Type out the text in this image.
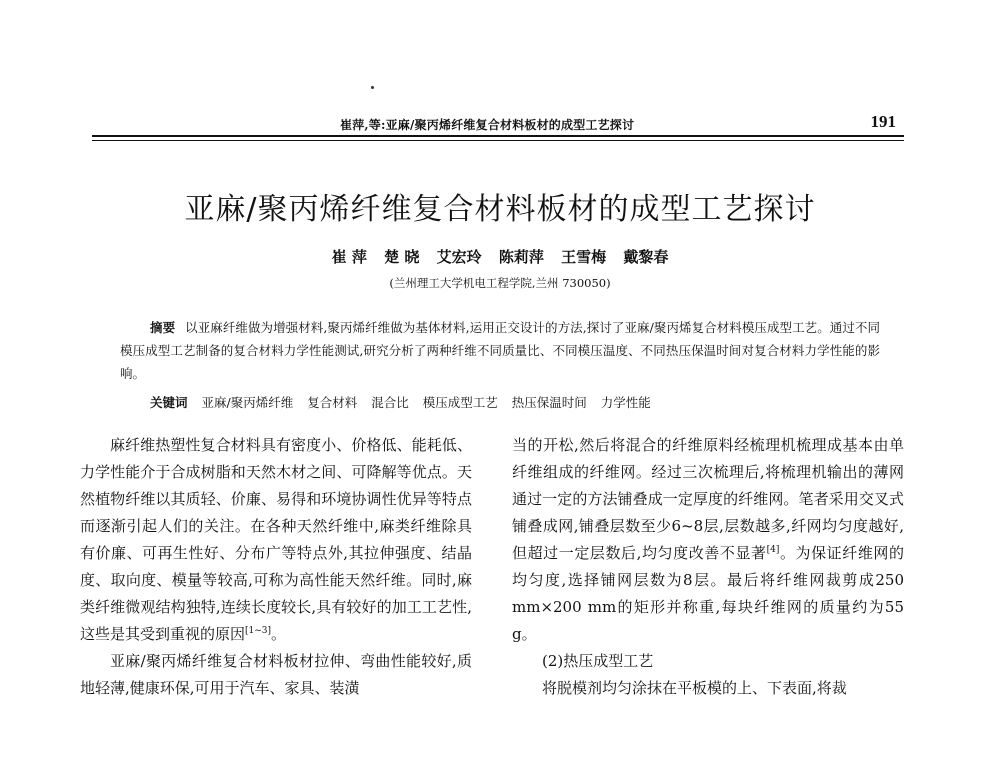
崔萍,等:亚麻/聚丙烯纤维复合材料板材的成型工艺探讨	191
亚麻/聚丙烯纤维复合材料板材的成型工艺探讨
崔 萍 楚 晓 艾宏玲 陈莉萍 王雪梅 戴黎春
(兰州理工大学机电工程学院,兰州 730050)
摘要 以亚麻纤维做为增强材料,聚丙烯纤维做为基体材料,运用正交设计的方法,探讨了亚麻/聚丙烯复合材料模压成型工艺。通过不同模压成型工艺制备的复合材料力学性能测试,研究分析了两种纤维不同质量比、不同模压温度、不同热压保温时间对复合材料力学性能的影响。
关键词 亚麻/聚丙烯纤维 复合材料 混合比 模压成型工艺 热压保温时间 力学性能

麻纤维热塑性复合材料具有密度小、价格低、能耗低、力学性能介于合成树脂和天然木材之间、可降解等优点。天然植物纤维以其质轻、价廉、易得和环境协调性优异等特点而逐渐引起人们的关注。在各种天然纤维中,麻类纤维除具有价廉、可再生性好、分布广等特点外,其拉伸强度、结晶度、取向度、模量等较高,可称为高性能天然纤维。同时,麻类纤维微观结构独特,连续长度较长,具有较好的加工工艺性,这些是其受到重视的原因[1~3]。

亚麻/聚丙烯纤维复合材料板材拉伸、弯曲性能较好,质地轻薄,健康环保,可用于汽车、家具、装潢

当的开松,然后将混合的纤维原料经梳理机梳理成基本由单纤维组成的纤维网。经过三次梳理后,将梳理机输出的薄网通过一定的方法铺叠成一定厚度的纤维网。笔者采用交叉式铺叠成网,铺叠层数至少6~8层,层数越多,纤网均匀度越好,但超过一定层数后,均匀度改善不显著[4]。为保证纤维网的均匀度,选择铺网层数为8层。最后将纤维网裁剪成250 mm×200 mm的矩形并称重,每块纤维网的质量约为55 g。

(2)热压成型工艺

将脱模剂均匀涂抹在平板模的上、下表面,将裁
